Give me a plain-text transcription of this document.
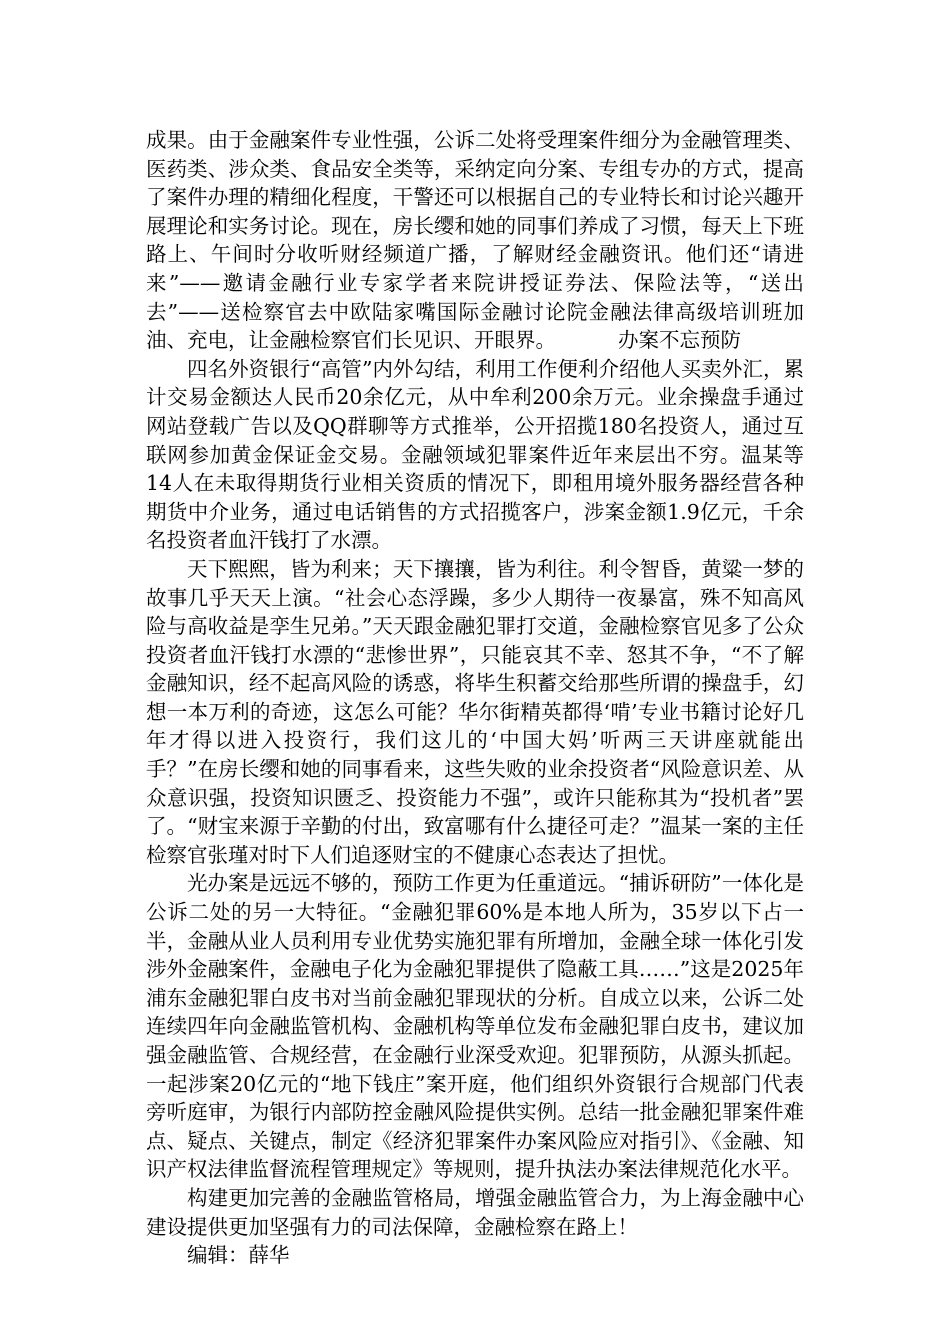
成果。由于金融案件专业性强，公诉二处将受理案件细分为金融管理类、医药类、涉众类、食品安全类等，采纳定向分案、专组专办的方式，提高了案件办理的精细化程度，干警还可以根据自己的专业特长和讨论兴趣开展理论和实务讨论。现在，房长缨和她的同事们养成了习惯，每天上下班路上、午间时分收听财经频道广播，了解财经金融资讯。他们还“请进来”——邀请金融行业专家学者来院讲授证券法、保险法等，“送出去”——送检察官去中欧陆家嘴国际金融讨论院金融法律高级培训班加油、充电，让金融检察官们长见识、开眼界。	办案不忘预防

四名外资银行“高管”内外勾结，利用工作便利介绍他人买卖外汇，累计交易金额达人民币20余亿元，从中牟利200余万元。业余操盘手通过网站登载广告以及QQ群聊等方式推举，公开招揽180名投资人，通过互联网参加黄金保证金交易。金融领域犯罪案件近年来层出不穷。温某等14人在未取得期货行业相关资质的情况下，即租用境外服务器经营各种期货中介业务，通过电话销售的方式招揽客户，涉案金额1.9亿元，千余名投资者血汗钱打了水漂。

天下熙熙，皆为利来；天下攘攘，皆为利往。利令智昏，黄粱一梦的故事几乎天天上演。“社会心态浮躁，多少人期待一夜暴富，殊不知高风险与高收益是孪生兄弟。”天天跟金融犯罪打交道，金融检察官见多了公众投资者血汗钱打水漂的“悲惨世界”，只能哀其不幸、怒其不争，“不了解金融知识，经不起高风险的诱惑，将毕生积蓄交给那些所谓的操盘手，幻想一本万利的奇迹，这怎么可能？华尔街精英都得‘啃’专业书籍讨论好几年才得以进入投资行，我们这儿的‘中国大妈’听两三天讲座就能出手？”在房长缨和她的同事看来，这些失败的业余投资者“风险意识差、从众意识强，投资知识匮乏、投资能力不强”，或许只能称其为“投机者”罢了。“财宝来源于辛勤的付出，致富哪有什么捷径可走？”温某一案的主任检察官张瑾对时下人们追逐财宝的不健康心态表达了担忧。

光办案是远远不够的，预防工作更为任重道远。“捕诉研防”一体化是公诉二处的另一大特征。“金融犯罪60%是本地人所为，35岁以下占一半，金融从业人员利用专业优势实施犯罪有所增加，金融全球一体化引发涉外金融案件，金融电子化为金融犯罪提供了隐蔽工具……”这是2025年浦东金融犯罪白皮书对当前金融犯罪现状的分析。自成立以来，公诉二处连续四年向金融监管机构、金融机构等单位发布金融犯罪白皮书，建议加强金融监管、合规经营，在金融行业深受欢迎。犯罪预防，从源头抓起。一起涉案20亿元的“地下钱庄”案开庭，他们组织外资银行合规部门代表旁听庭审，为银行内部防控金融风险提供实例。总结一批金融犯罪案件难点、疑点、关键点，制定《经济犯罪案件办案风险应对指引》、《金融、知识产权法律监督流程管理规定》等规则，提升执法办案法律规范化水平。

构建更加完善的金融监管格局，增强金融监管合力，为上海金融中心建设提供更加坚强有力的司法保障，金融检察在路上！

编辑：薛华
